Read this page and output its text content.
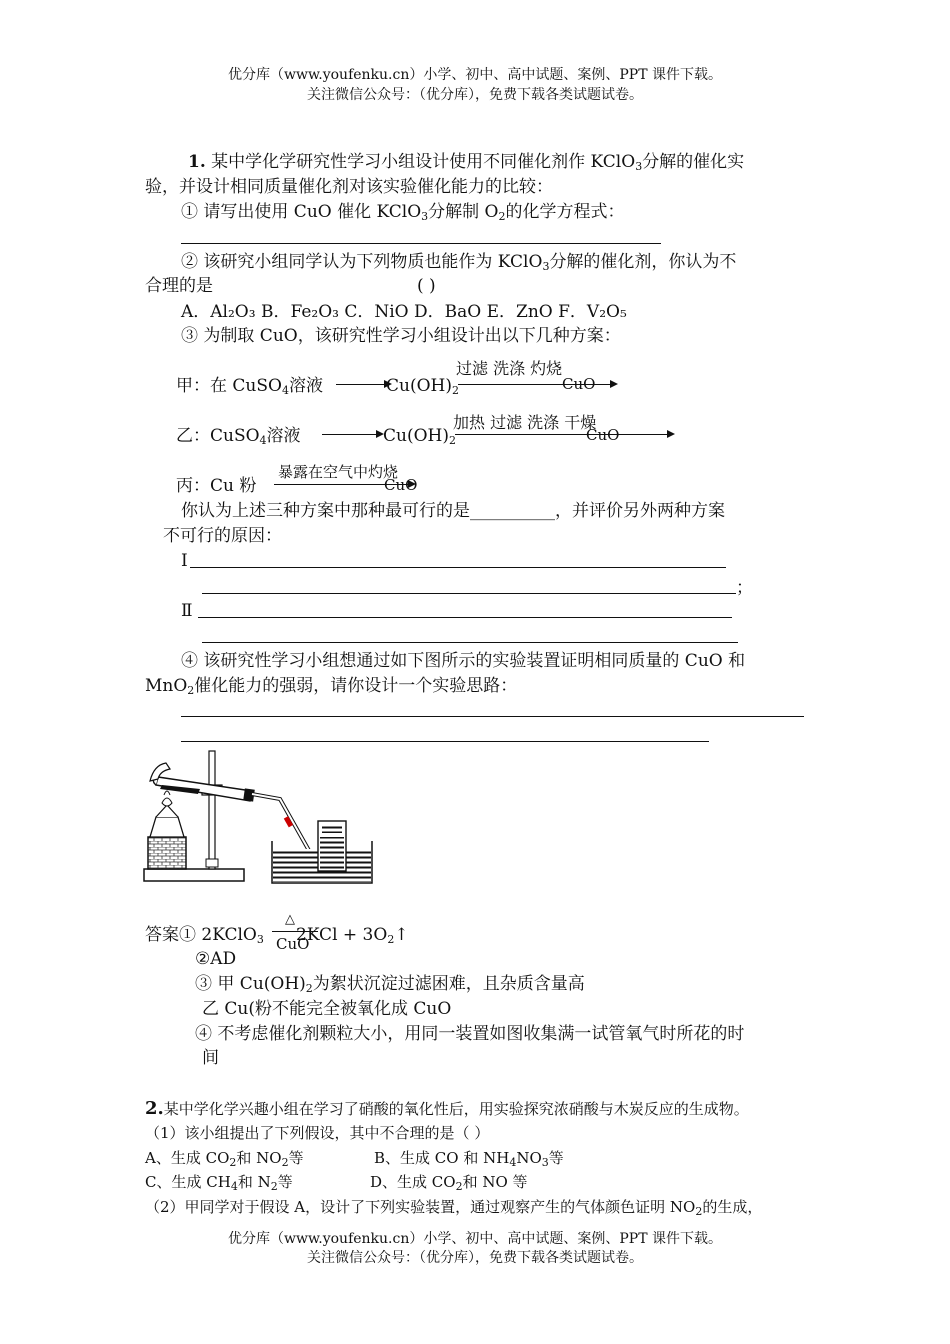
优分库（www.youfenku.cn）小学、初中、高中试题、案例、PPT 课件下载。
关注微信公众号：（优分库），免费下载各类试题试卷。
1. 某中学化学研究性学习小组设计使用不同催化剂作 KClO$_3$分解的催化实
验，并设计相同质量催化剂对该实验催化能力的比较：
① 请写出使用 CuO 催化 KClO$_3$分解制 $O_2$的化学方程式：
② 该研究小组同学认为下列物质也能作为 KClO$_3$分解的催化剂，你认为不
合理的是	( )
A．Al₂O₃ B．Fe₂O₃ C．NiO D．BaO E．ZnO F．V₂O₅
③ 为制取 CuO，该研究性学习小组设计出以下几种方案：
过滤 洗涤 灼烧
甲：在 CuSO$_4$溶液	$Cu(OH)_2$	CuO
加热 过滤 洗涤 干燥
乙：CuSO$_4$溶液	$Cu(OH)_2$	CuO
暴露在空气中灼烧
丙：Cu 粉	CuO
你认为上述三种方案中那种最可行的是__________，并评价另外两种方案
不可行的原因：
Ⅰ
；
Ⅱ
④ 该研究性学习小组想通过如下图所示的实验装置证明相同质量的 CuO 和
MnO$_2$催化能力的强弱，请你设计一个实验思路：
答案① 2KClO$_3$
△
CuO
$2KCl + 3O_2↑$
②AD
③ 甲 $Cu(OH)_2$为絮状沉淀过滤困难，且杂质含量高
乙 Cu(粉不能完全被氧化成 CuO
④ 不考虑催化剂颗粒大小，用同一装置如图收集满一试管氧气时所花的时
间
2.某中学化学兴趣小组在学习了硝酸的氧化性后，用实验探究浓硝酸与木炭反应的生成物。
（1）该小组提出了下列假设，其中不合理的是（ ）
A、生成 $CO_2$和 $NO_2$等	B、生成 CO 和 $NH_4NO_3$等
C、生成 $CH_4$和 $N_2$等	D、生成 $CO_2$和 NO 等
（2）甲同学对于假设 A，设计了下列实验装置，通过观察产生的气体颜色证明 $NO_2$的生成，
优分库（www.youfenku.cn）小学、初中、高中试题、案例、PPT 课件下载。
关注微信公众号：（优分库），免费下载各类试题试卷。
